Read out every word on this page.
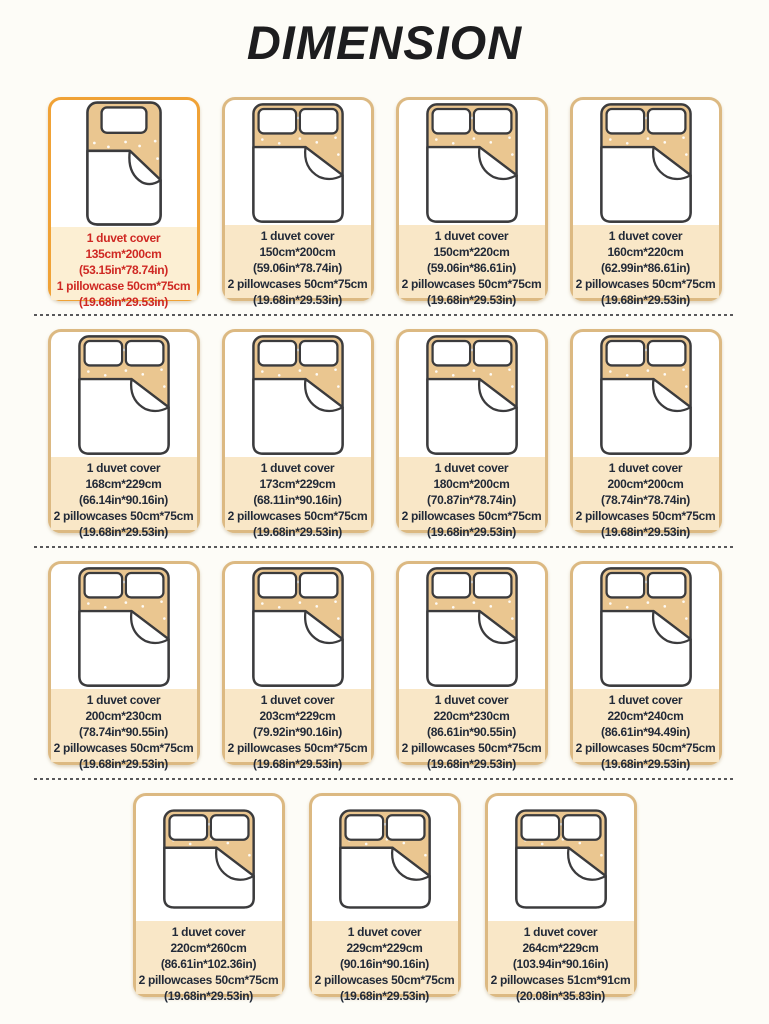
DIMENSION
1 duvet cover 135cm*200cm
(53.15in*78.74in)
1 pillowcase 50cm*75cm
(19.68in*29.53in)
1 duvet cover 150cm*200cm
(59.06in*78.74in)
2 pillowcases 50cm*75cm
(19.68in*29.53in)
1 duvet cover 150cm*220cm
(59.06in*86.61in)
2 pillowcases 50cm*75cm
(19.68in*29.53in)
1 duvet cover 160cm*220cm
(62.99in*86.61in)
2 pillowcases 50cm*75cm
(19.68in*29.53in)
1 duvet cover 168cm*229cm
(66.14in*90.16in)
2 pillowcases 50cm*75cm
(19.68in*29.53in)
1 duvet cover 173cm*229cm
(68.11in*90.16in)
2 pillowcases 50cm*75cm
(19.68in*29.53in)
1 duvet cover 180cm*200cm
(70.87in*78.74in)
2 pillowcases 50cm*75cm
(19.68in*29.53in)
1 duvet cover 200cm*200cm
(78.74in*78.74in)
2 pillowcases 50cm*75cm
(19.68in*29.53in)
1 duvet cover 200cm*230cm
(78.74in*90.55in)
2 pillowcases 50cm*75cm
(19.68in*29.53in)
1 duvet cover 203cm*229cm
(79.92in*90.16in)
2 pillowcases 50cm*75cm
(19.68in*29.53in)
1 duvet cover 220cm*230cm
(86.61in*90.55in)
2 pillowcases 50cm*75cm
(19.68in*29.53in)
1 duvet cover 220cm*240cm
(86.61in*94.49in)
2 pillowcases 50cm*75cm
(19.68in*29.53in)
1 duvet cover 220cm*260cm
(86.61in*102.36in)
2 pillowcases 50cm*75cm
(19.68in*29.53in)
1 duvet cover 229cm*229cm
(90.16in*90.16in)
2 pillowcases 50cm*75cm
(19.68in*29.53in)
1 duvet cover 264cm*229cm
(103.94in*90.16in)
2 pillowcases 51cm*91cm
(20.08in*35.83in)
